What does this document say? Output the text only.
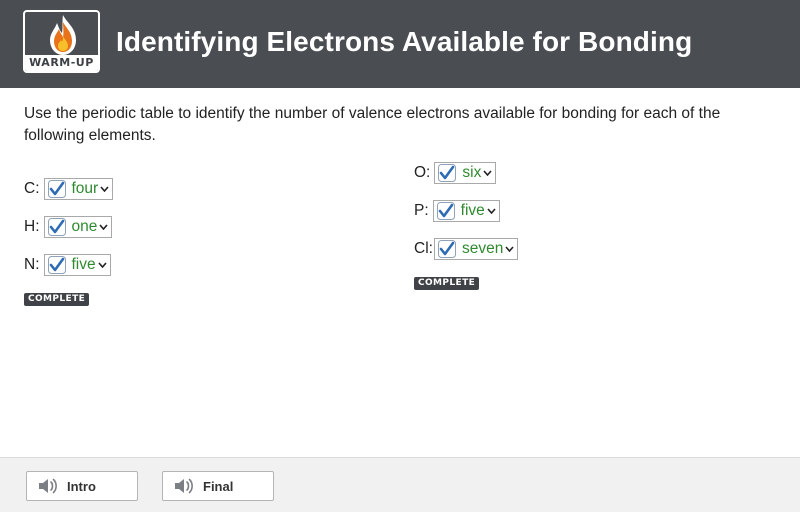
WARM-UP
Identifying Electrons Available for Bonding
Use the periodic table to identify the number of valence electrons available for bonding for each of the following elements.
C: four
H: one
N: five
COMPLETE
O: six
P: five
Cl: seven
COMPLETE
Intro	Final
